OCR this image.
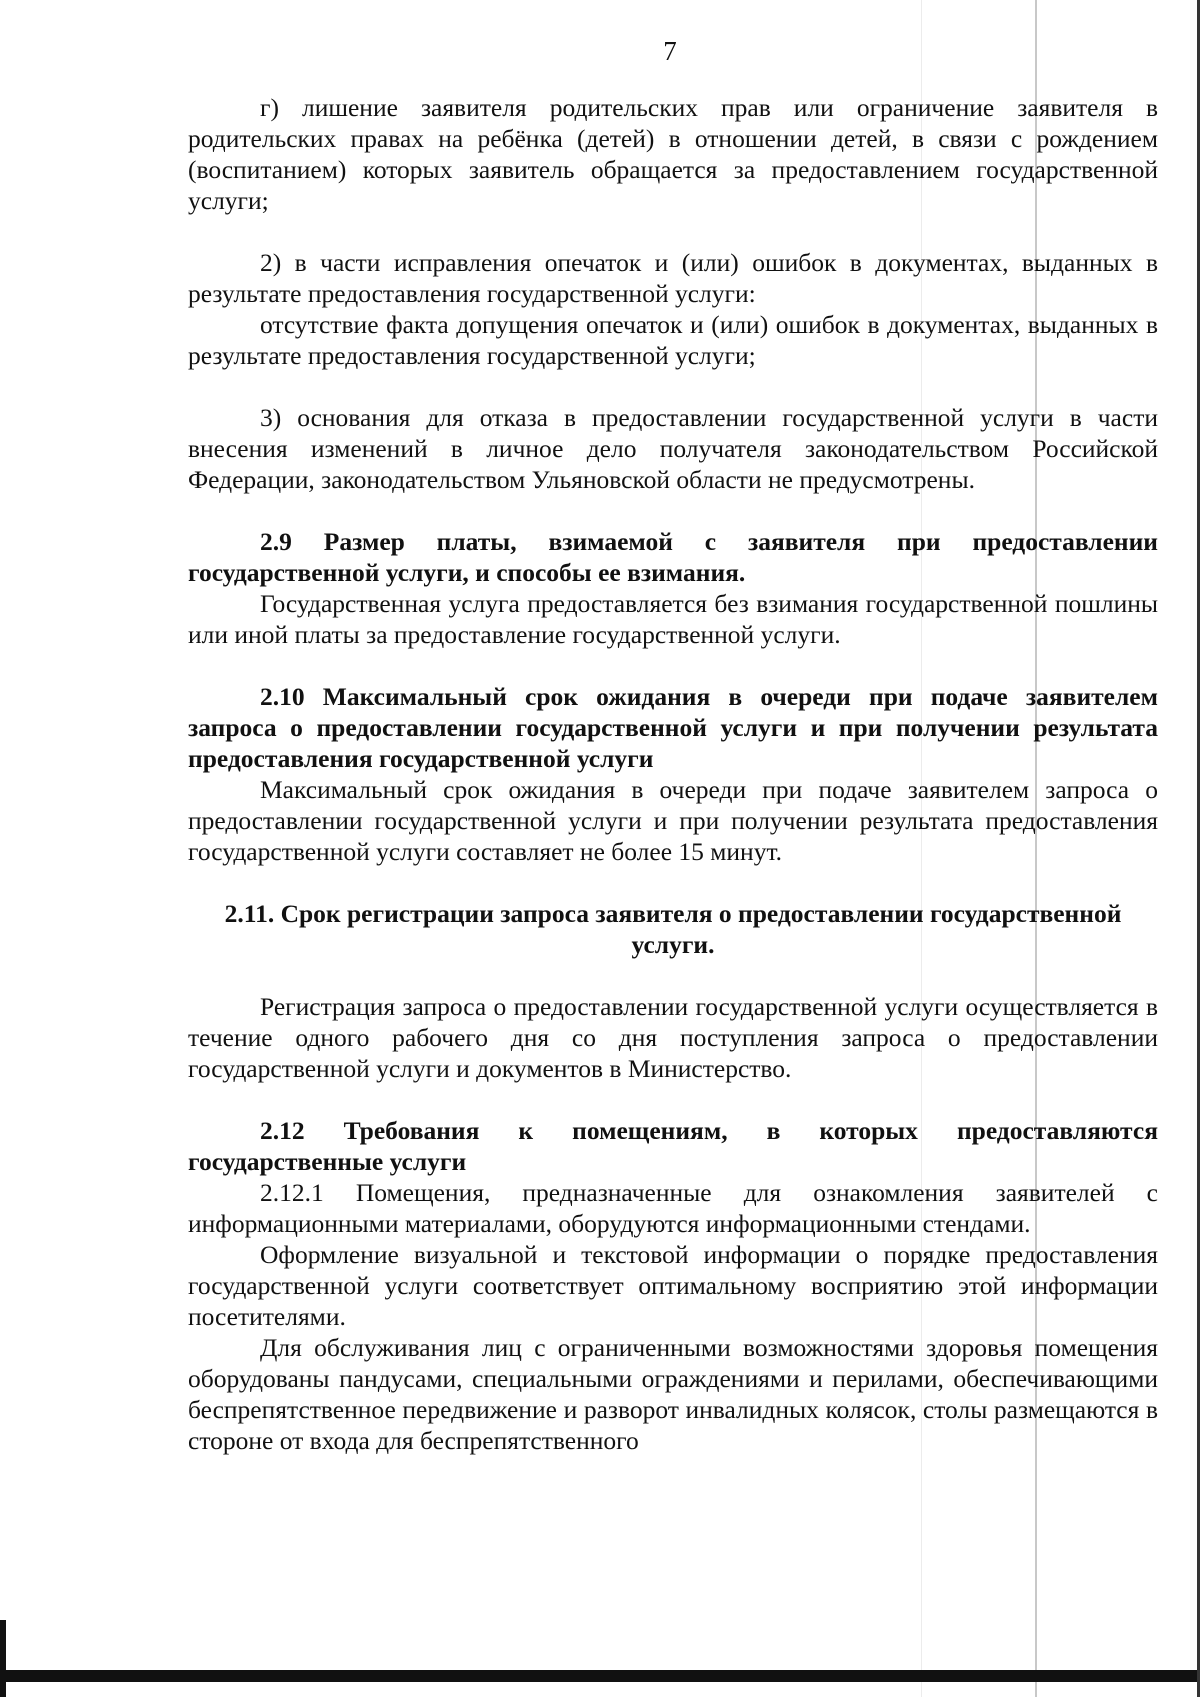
7

г) лишение заявителя родительских прав или ограничение заявителя в родительских правах на ребёнка (детей) в отношении детей, в связи с рождением (воспитанием) которых заявитель обращается за предоставлением государственной услуги;

2) в части исправления опечаток и (или) ошибок в документах, выданных в результате предоставления государственной услуги:

отсутствие факта допущения опечаток и (или) ошибок в документах, выданных в результате предоставления государственной услуги;

3) основания для отказа в предоставлении государственной услуги в части внесения изменений в личное дело получателя законодательством Российской Федерации, законодательством Ульяновской области не предусмотрены.

2.9 Размер платы, взимаемой с заявителя при предоставлении государственной услуги, и способы ее взимания.

Государственная услуга предоставляется без взимания государственной пошлины или иной платы за предоставление государственной услуги.

2.10 Максимальный срок ожидания в очереди при подаче заявителем запроса о предоставлении государственной услуги и при получении результата предоставления государственной услуги

Максимальный срок ожидания в очереди при подаче заявителем запроса о предоставлении государственной услуги и при получении результата предоставления государственной услуги составляет не более 15 минут.

2.11. Срок регистрации запроса заявителя о предоставлении государственной услуги.

Регистрация запроса о предоставлении государственной услуги осуществляется в течение одного рабочего дня со дня поступления запроса о предоставлении государственной услуги и документов в Министерство.

2.12 Требования к помещениям, в которых предоставляются государственные услуги

2.12.1 Помещения, предназначенные для ознакомления заявителей с информационными материалами, оборудуются информационными стендами.

Оформление визуальной и текстовой информации о порядке предоставления государственной услуги соответствует оптимальному восприятию этой информации посетителями.

Для обслуживания лиц с ограниченными возможностями здоровья помещения оборудованы пандусами, специальными ограждениями и перилами, обеспечивающими беспрепятственное передвижение и разворот инвалидных колясок, столы размещаются в стороне от входа для беспрепятственного
